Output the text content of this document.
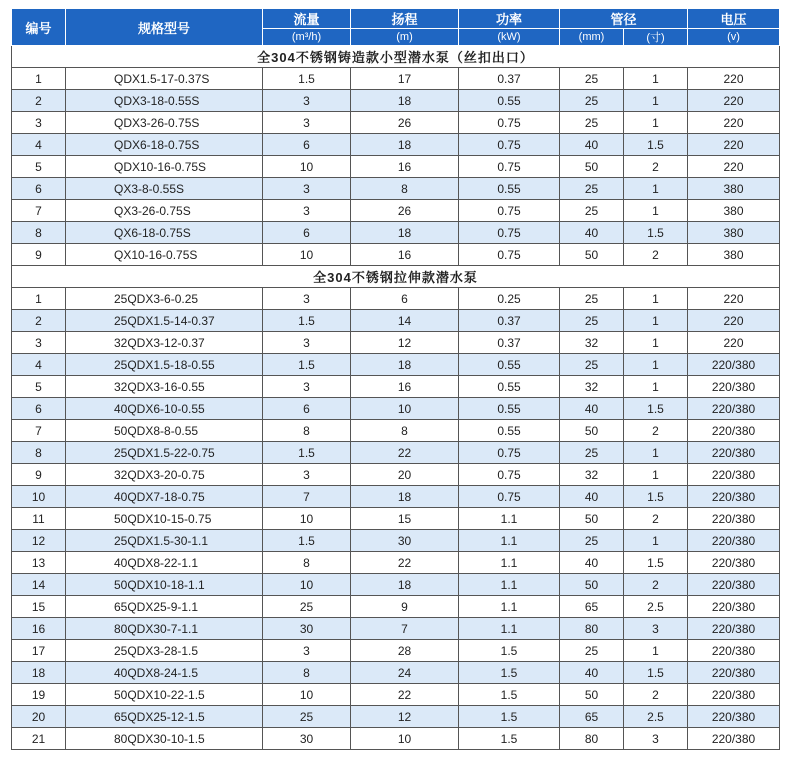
编号	规格型号	流量	扬程	功率	管径		电压
		(m³/h)	(m)	(kW)	(mm)	(寸)	(v)
全304不锈钢铸造款小型潜水泵（丝扣出口）							
1	QDX1.5-17-0.37S	1.5	17	0.37	25	1	220
2	QDX3-18-0.55S	3	18	0.55	25	1	220
3	QDX3-26-0.75S	3	26	0.75	25	1	220
4	QDX6-18-0.75S	6	18	0.75	40	1.5	220
5	QDX10-16-0.75S	10	16	0.75	50	2	220
6	QX3-8-0.55S	3	8	0.55	25	1	380
7	QX3-26-0.75S	3	26	0.75	25	1	380
8	QX6-18-0.75S	6	18	0.75	40	1.5	380
9	QX10-16-0.75S	10	16	0.75	50	2	380
全304不锈钢拉伸款潜水泵							
1	25QDX3-6-0.25	3	6	0.25	25	1	220
2	25QDX1.5-14-0.37	1.5	14	0.37	25	1	220
3	32QDX3-12-0.37	3	12	0.37	32	1	220
4	25QDX1.5-18-0.55	1.5	18	0.55	25	1	220/380
5	32QDX3-16-0.55	3	16	0.55	32	1	220/380
6	40QDX6-10-0.55	6	10	0.55	40	1.5	220/380
7	50QDX8-8-0.55	8	8	0.55	50	2	220/380
8	25QDX1.5-22-0.75	1.5	22	0.75	25	1	220/380
9	32QDX3-20-0.75	3	20	0.75	32	1	220/380
10	40QDX7-18-0.75	7	18	0.75	40	1.5	220/380
11	50QDX10-15-0.75	10	15	1.1	50	2	220/380
12	25QDX1.5-30-1.1	1.5	30	1.1	25	1	220/380
13	40QDX8-22-1.1	8	22	1.1	40	1.5	220/380
14	50QDX10-18-1.1	10	18	1.1	50	2	220/380
15	65QDX25-9-1.1	25	9	1.1	65	2.5	220/380
16	80QDX30-7-1.1	30	7	1.1	80	3	220/380
17	25QDX3-28-1.5	3	28	1.5	25	1	220/380
18	40QDX8-24-1.5	8	24	1.5	40	1.5	220/380
19	50QDX10-22-1.5	10	22	1.5	50	2	220/380
20	65QDX25-12-1.5	25	12	1.5	65	2.5	220/380
21	80QDX30-10-1.5	30	10	1.5	80	3	220/380
